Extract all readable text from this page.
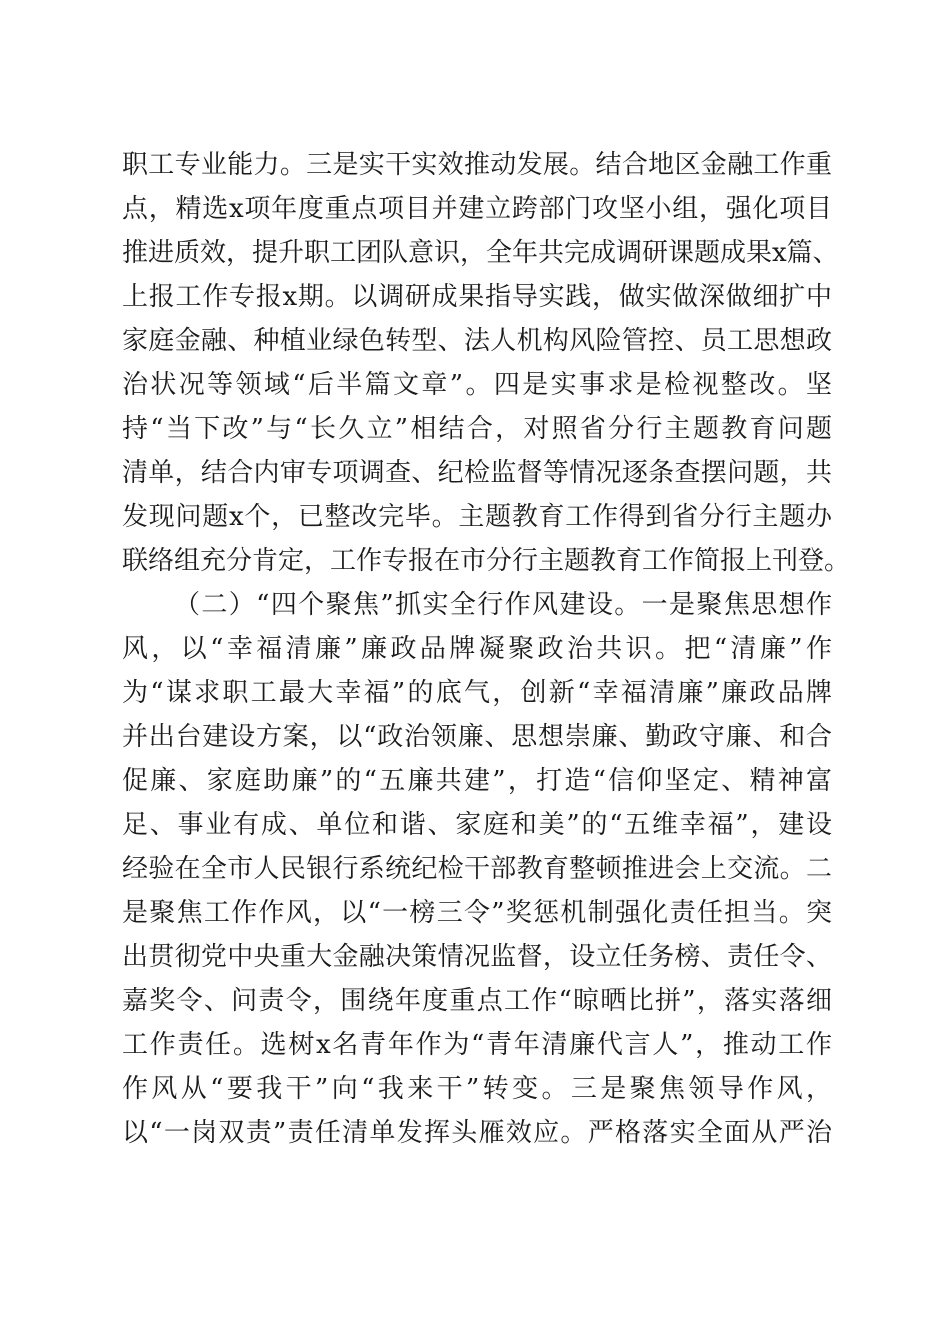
职工专业能力。三是实干实效推动发展。结合地区金融工作重
点，精选x项年度重点项目并建立跨部门攻坚小组，强化项目
推进质效，提升职工团队意识，全年共完成调研课题成果x篇、
上报工作专报x期。以调研成果指导实践，做实做深做细扩中
家庭金融、种植业绿色转型、法人机构风险管控、员工思想政
治状况等领域“后半篇文章”。四是实事求是检视整改。坚
持“当下改”与“长久立”相结合，对照省分行主题教育问题
清单，结合内审专项调查、纪检监督等情况逐条查摆问题，共
发现问题x个，已整改完毕。主题教育工作得到省分行主题办
联络组充分肯定，工作专报在市分行主题教育工作简报上刊登。
（二）“四个聚焦”抓实全行作风建设。一是聚焦思想作
风，以“幸福清廉”廉政品牌凝聚政治共识。把“清廉”作
为“谋求职工最大幸福”的底气，创新“幸福清廉”廉政品牌
并出台建设方案，以“政治领廉、思想崇廉、勤政守廉、和合
促廉、家庭助廉”的“五廉共建”，打造“信仰坚定、精神富
足、事业有成、单位和谐、家庭和美”的“五维幸福”，建设
经验在全市人民银行系统纪检干部教育整顿推进会上交流。二
是聚焦工作作风，以“一榜三令”奖惩机制强化责任担当。突
出贯彻党中央重大金融决策情况监督，设立任务榜、责任令、
嘉奖令、问责令，围绕年度重点工作“晾晒比拼”，落实落细
工作责任。选树x名青年作为“青年清廉代言人”，推动工作
作风从“要我干”向“我来干”转变。三是聚焦领导作风，
以“一岗双责”责任清单发挥头雁效应。严格落实全面从严治
